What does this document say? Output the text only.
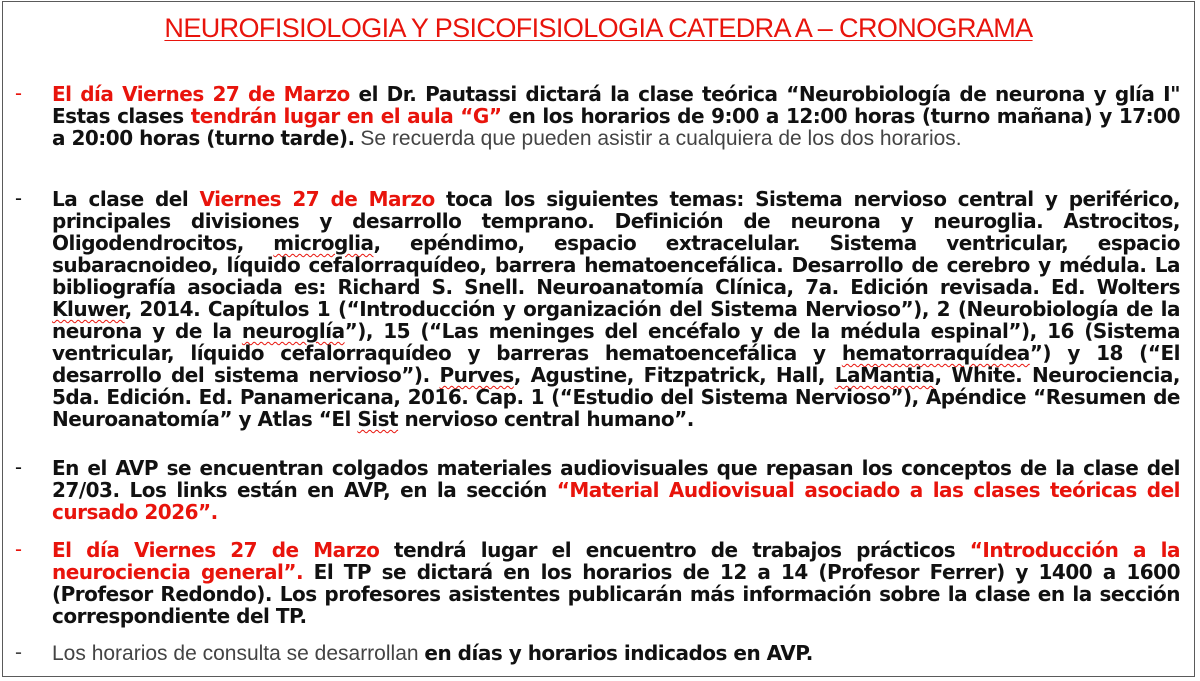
NEUROFISIOLOGIA Y PSICOFISIOLOGIA CATEDRA A – CRONOGRAMA
-	El día Viernes 27 de Marzo el Dr. Pautassi dictará la clase teórica “Neurobiología de neurona y glía I" Estas clases tendrán lugar en el aula “G” en los horarios de 9:00 a 12:00 horas (turno mañana) y 17:00 a 20:00 horas (turno tarde). Se recuerda que pueden asistir a cualquiera de los dos horarios.
-	La clase del Viernes 27 de Marzo toca los siguientes temas: Sistema nervioso central y periférico, principales divisiones y desarrollo temprano. Definición de neurona y neuroglia. Astrocitos, Oligodendrocitos, microglia, epéndimo, espacio extracelular. Sistema ventricular, espacio subaracnoideo, líquido cefalorraquídeo, barrera hematoencefálica. Desarrollo de cerebro y médula. La bibliografía asociada es: Richard S. Snell. Neuroanatomía Clínica, 7a. Edición revisada. Ed. Wolters Kluwer, 2014. Capítulos 1 (“Introducción y organización del Sistema Nervioso”), 2 (Neurobiología de la neurona y de la neuroglía”), 15 (“Las meninges del encéfalo y de la médula espinal”), 16 (Sistema ventricular, líquido cefalorraquídeo y barreras hematoencefálica y hematorraquídea”) y 18 (“El desarrollo del sistema nervioso”). Purves, Agustine, Fitzpatrick, Hall, LaMantia, White. Neurociencia, 5da. Edición. Ed. Panamericana, 2016. Cap. 1 (“Estudio del Sistema Nervioso”), Apéndice “Resumen de Neuroanatomía” y Atlas “El Sist nervioso central humano”.
-	En el AVP se encuentran colgados materiales audiovisuales que repasan los conceptos de la clase del 27/03. Los links están en AVP, en la sección “Material Audiovisual asociado a las clases teóricas del cursado 2026”.
-	El día Viernes 27 de Marzo tendrá lugar el encuentro de trabajos prácticos “Introducción a la neurociencia general”. El TP se dictará en los horarios de 12 a 14 (Profesor Ferrer) y 1400 a 1600 (Profesor Redondo). Los profesores asistentes publicarán más información sobre la clase en la sección correspondiente del TP.
-	Los horarios de consulta se desarrollan en días y horarios indicados en AVP.
